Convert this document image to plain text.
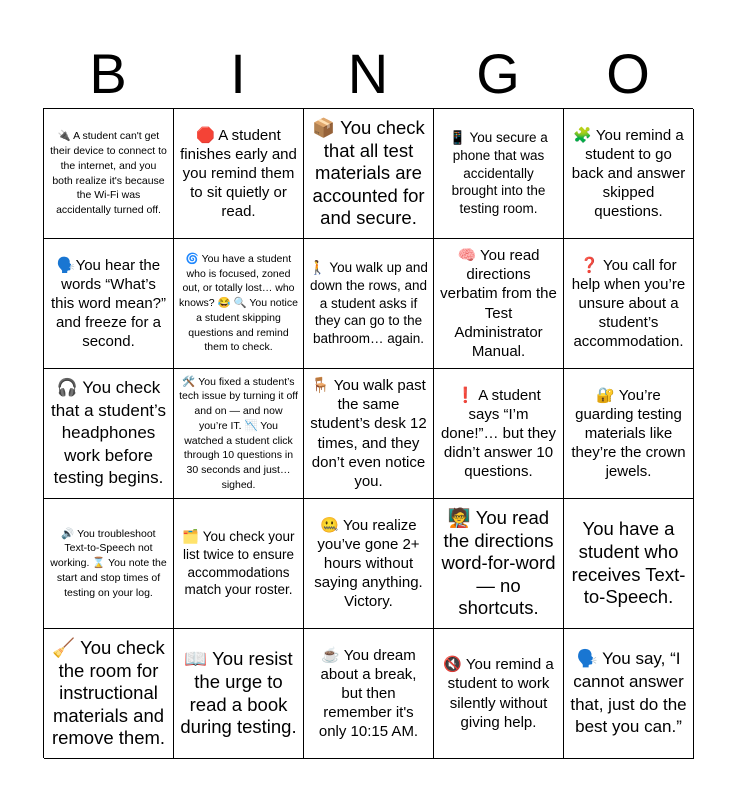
B	I	N	G	O
🔌 A student can't get their device to connect to the internet, and you both realize it's because the Wi-Fi was accidentally turned off.
🛑 A student finishes early and you remind them to sit quietly or read.
📦 You check that all test materials are accounted for and secure.
📱 You secure a phone that was accidentally brought into the testing room.
🧩 You remind a student to go back and answer skipped questions.
🗣️You hear the words “What’s this word mean?” and freeze for a second.
🌀 You have a student who is focused, zoned out, or totally lost… who knows? 😂 🔍 You notice a student skipping questions and remind them to check.
🚶 You walk up and down the rows, and a student asks if they can go to the bathroom… again.
🧠 You read directions verbatim from the Test Administrator Manual.
❓ You call for help when you’re unsure about a student’s accommodation.
🎧 You check that a student’s headphones work before testing begins.
🛠️ You fixed a student’s tech issue by turning it off and on — and now you’re IT. 📉 You watched a student click through 10 questions in 30 seconds and just… sighed.
🪑 You walk past the same student’s desk 12 times, and they don’t even notice you.
❗ A student says “I’m done!”… but they didn’t answer 10 questions.
🔐 You’re guarding testing materials like they’re the crown jewels.
🔊 You troubleshoot Text-to-Speech not working. ⌛ You note the start and stop times of testing on your log.
🗂️ You check your list twice to ensure accommodations match your roster.
🤐 You realize you’ve gone 2+ hours without saying anything. Victory.
🧑‍🏫 You read the directions word-for-word — no shortcuts.
You have a student who receives Text-to-Speech.
🧹 You check the room for instructional materials and remove them.
📖 You resist the urge to read a book during testing.
☕ You dream about a break, but then remember it's only 10:15 AM.
🔇 You remind a student to work silently without giving help.
🗣️ You say, “I cannot answer that, just do the best you can.”
